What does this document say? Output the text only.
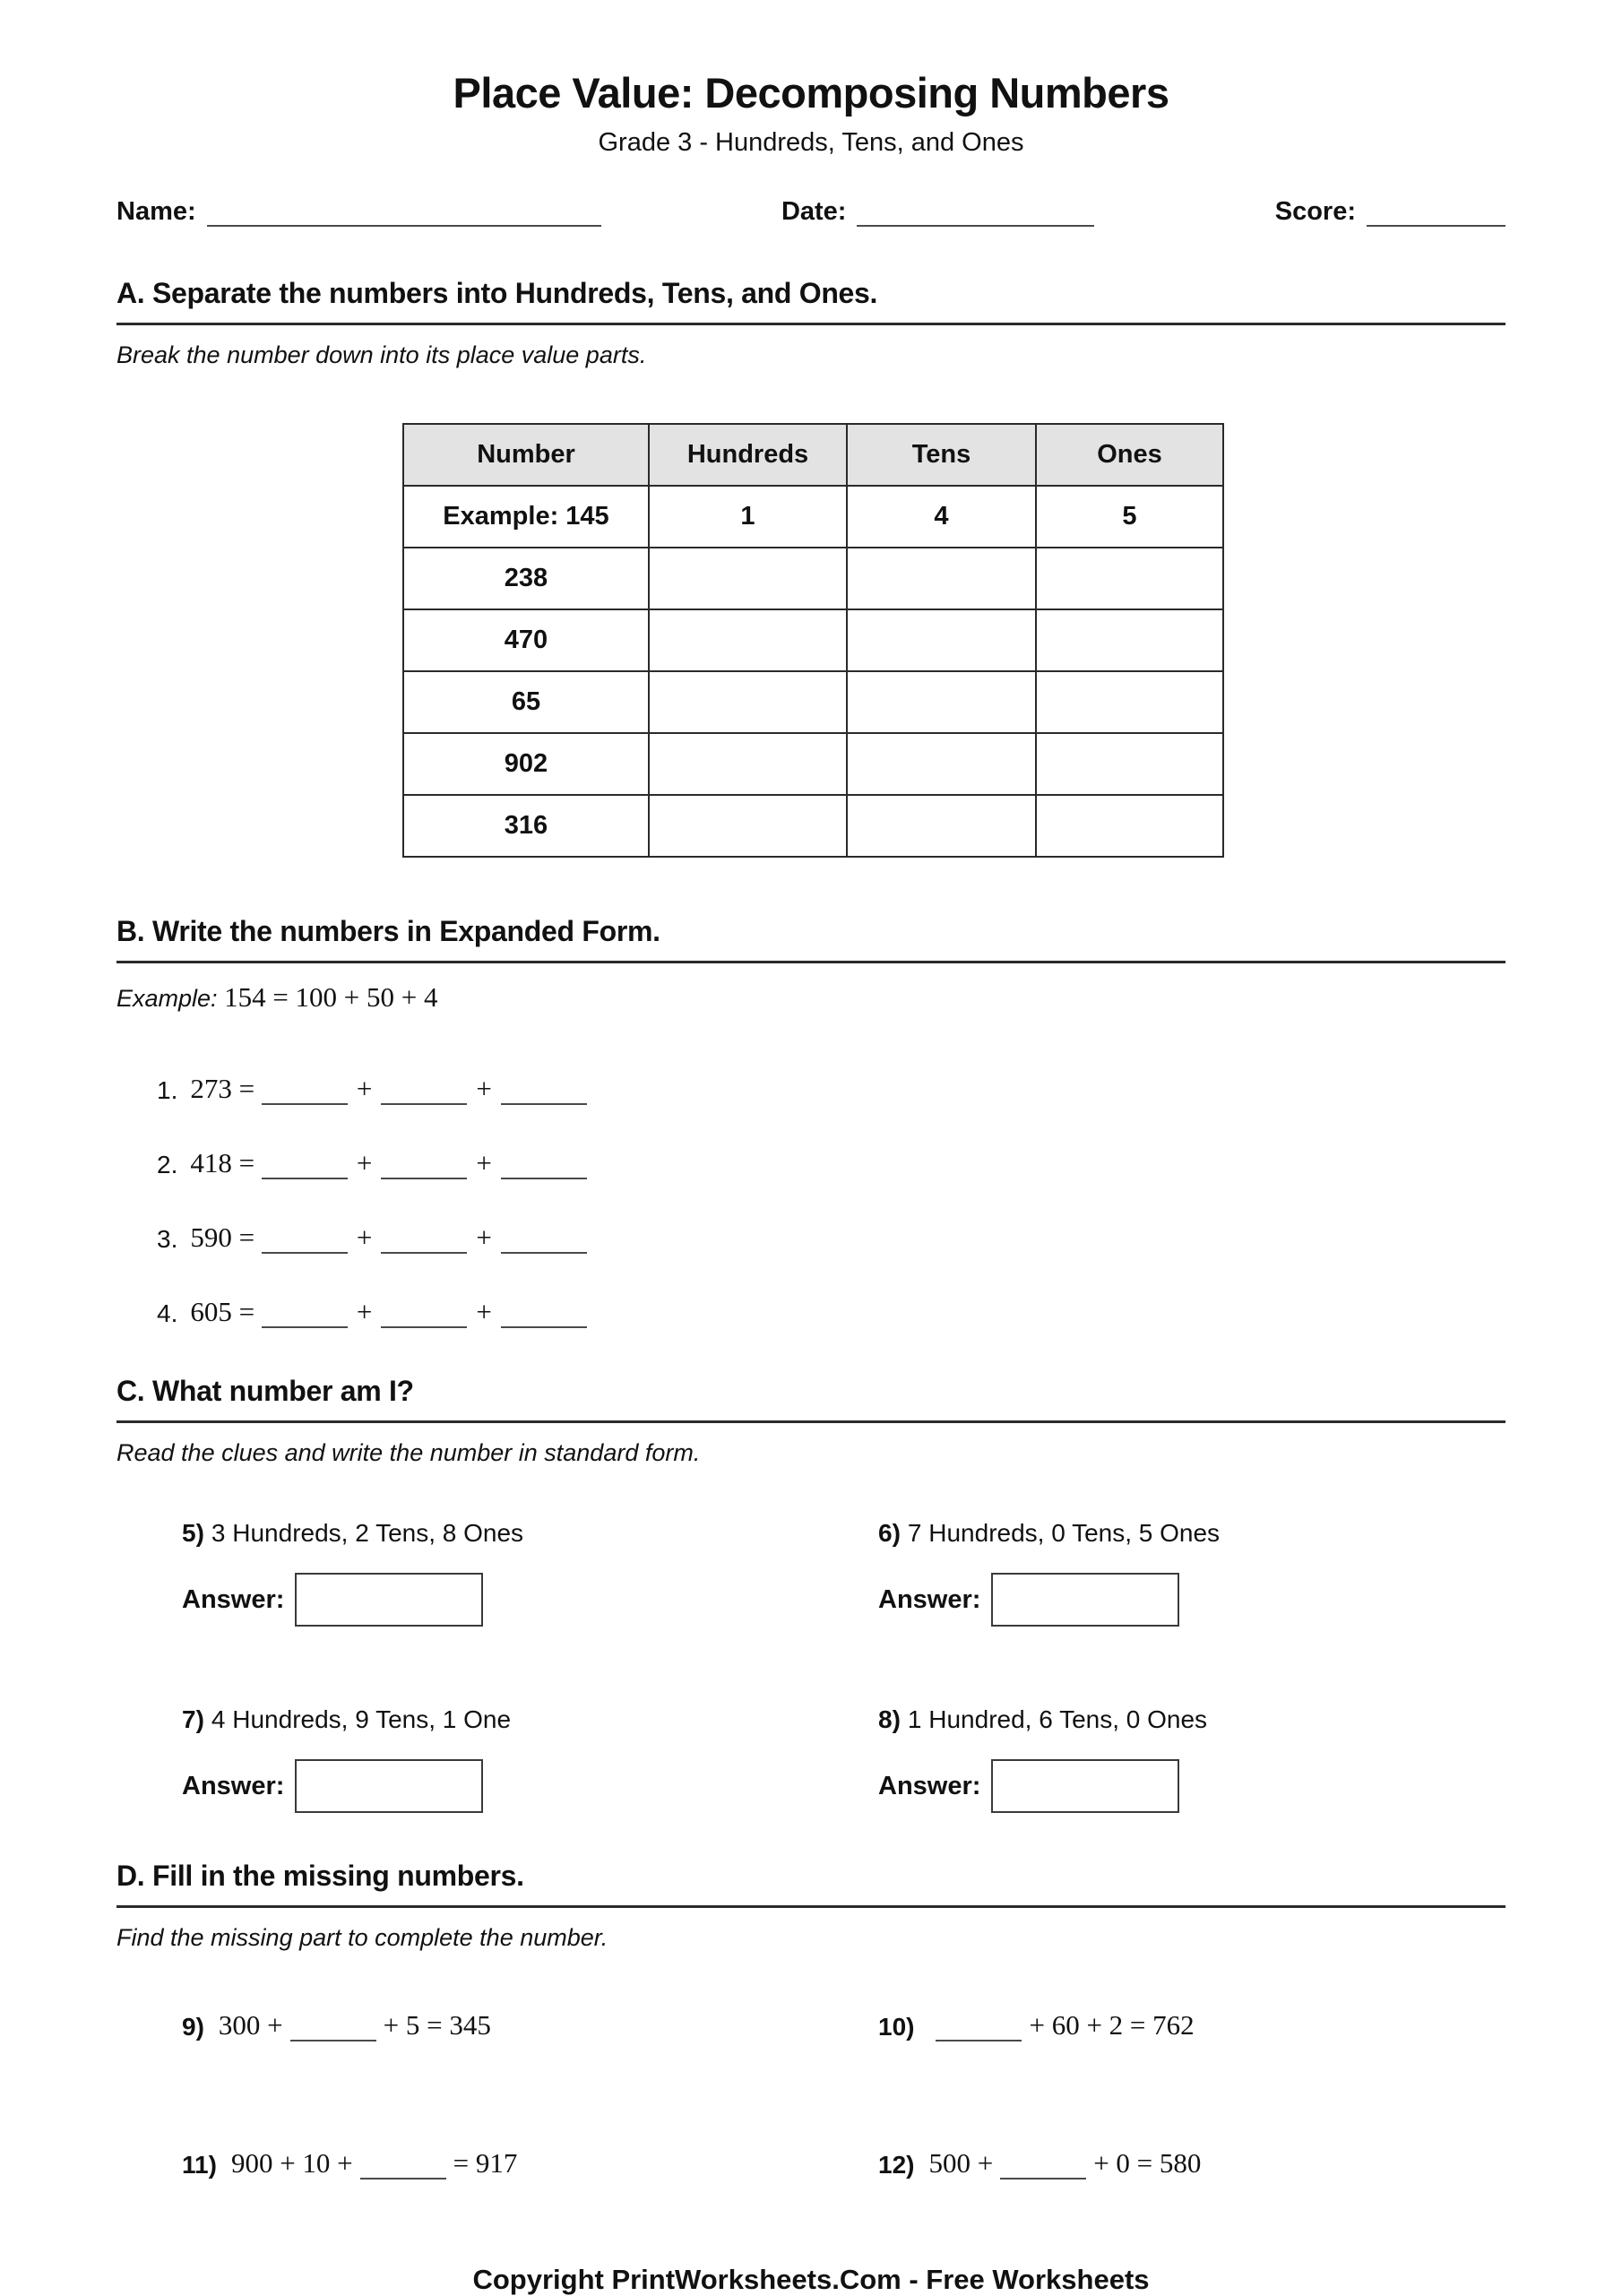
Place Value: Decomposing Numbers
Grade 3 - Hundreds, Tens, and Ones
Name:	Date:	Score:
A. Separate the numbers into Hundreds, Tens, and Ones.
Break the number down into its place value parts.
Number	Hundreds	Tens	Ones
Example: 145	1	4	5
238			
470			
65			
902			
316			
B. Write the numbers in Expanded Form.
Example: 154 = 100 + 50 + 4
1. 273 =
	+	+
2. 418 =
	+	+
3. 590 =
	+	+
4. 605 =
	+	+
C. What number am I?
Read the clues and write the number in standard form.
5) 3 Hundreds, 2 Tens, 8 Ones
Answer:
6) 7 Hundreds, 0 Tens, 5 Ones
Answer:
7) 4 Hundreds, 9 Tens, 1 One
Answer:
8) 1 Hundred, 6 Tens, 0 Ones
Answer:
D. Fill in the missing numbers.
Find the missing part to complete the number.
9) 300 +	+ 5 = 345	10)	+ 60 + 2 = 762
11) 900 + 10 +	= 917	12) 500 +	+ 0 = 580
Copyright PrintWorksheets.Com - Free Worksheets
